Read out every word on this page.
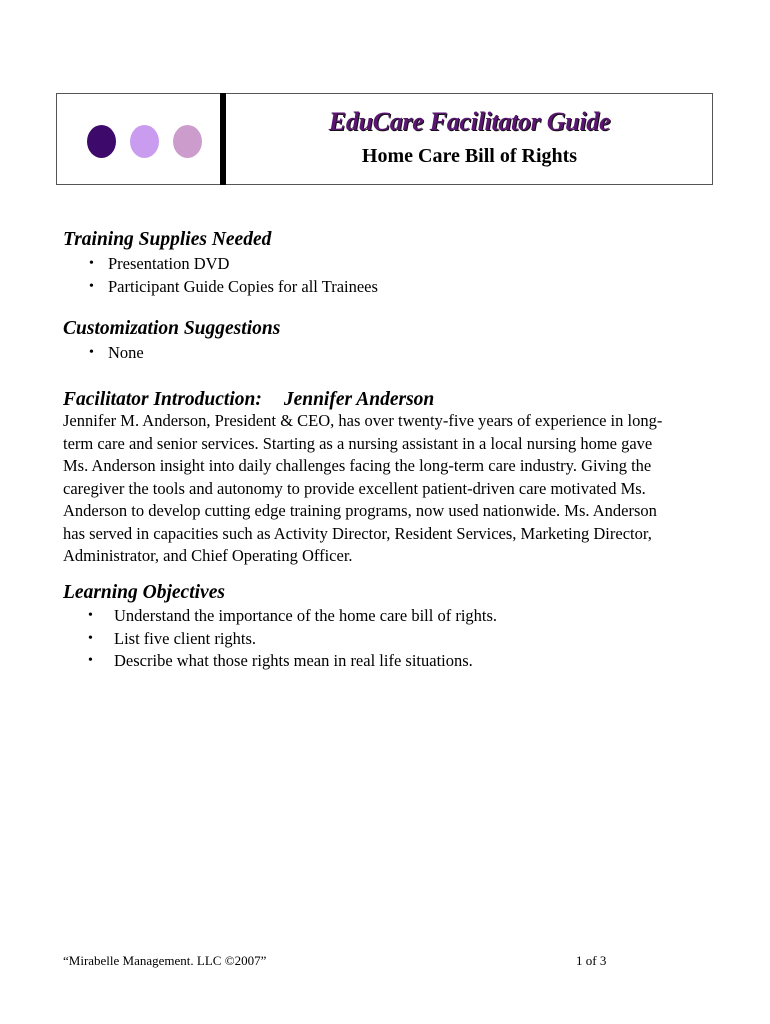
EduCare Facilitator Guide
Home Care Bill of Rights
Training Supplies Needed
• Presentation DVD
• Participant Guide Copies for all Trainees
Customization Suggestions
• None
Facilitator Introduction: Jennifer Anderson

Jennifer M. Anderson, President & CEO, has over twenty-five years of experience in long-
term care and senior services. Starting as a nursing assistant in a local nursing home gave
Ms. Anderson insight into daily challenges facing the long-term care industry. Giving the
caregiver the tools and autonomy to provide excellent patient-driven care motivated Ms.
Anderson to develop cutting edge training programs, now used nationwide. Ms. Anderson
has served in capacities such as Activity Director, Resident Services, Marketing Director,
Administrator, and Chief Operating Officer.

Learning Objectives
• Understand the importance of the home care bill of rights.
• List five client rights.
• Describe what those rights mean in real life situations.
“Mirabelle Management. LLC ©2007”	1 of 3
